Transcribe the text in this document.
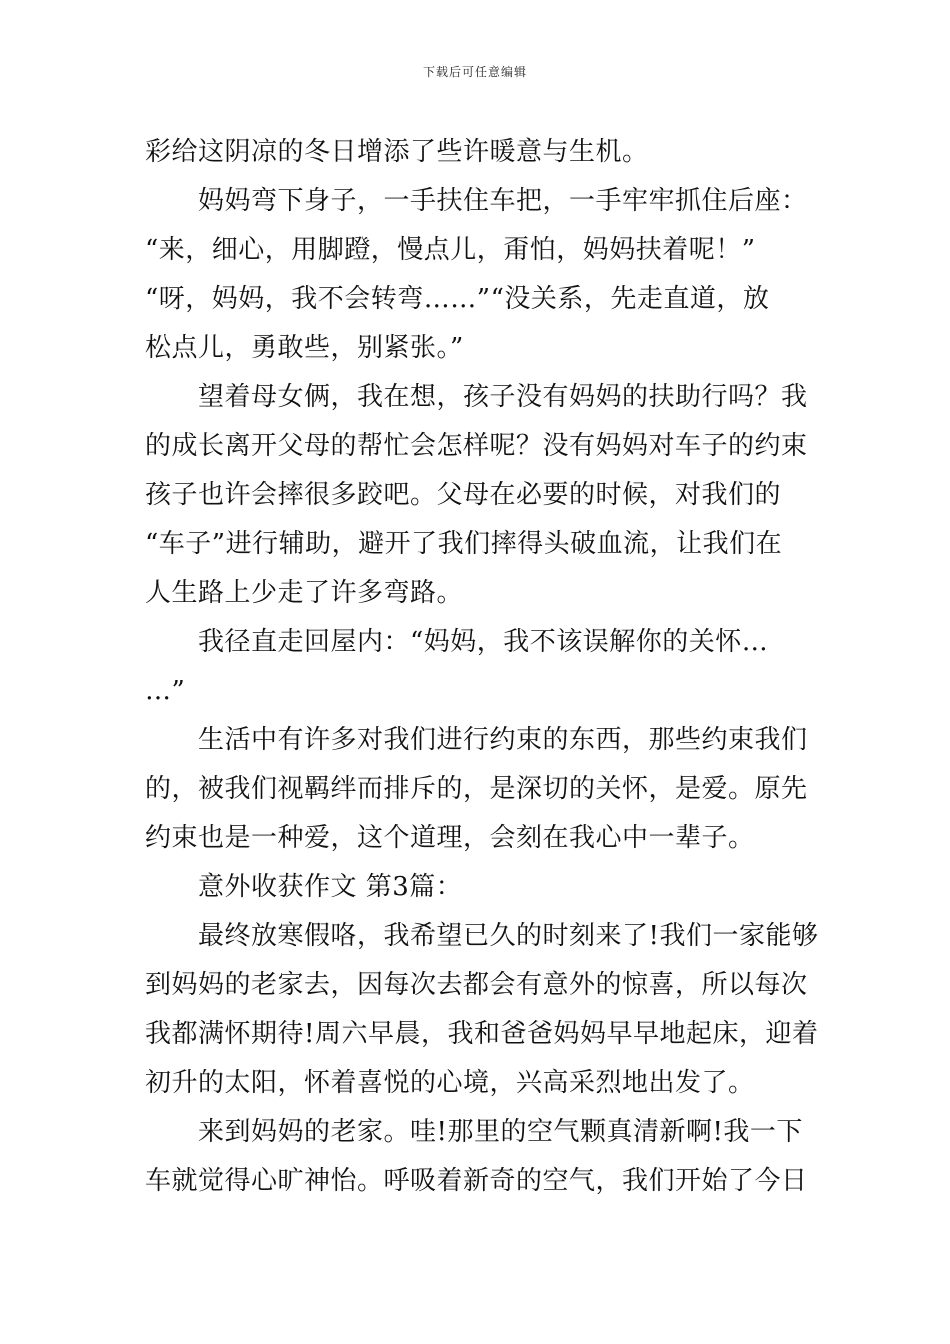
下载后可任意编辑
彩给这阴凉的冬日增添了些许暖意与生机。
　　妈妈弯下身子，一手扶住车把，一手牢牢抓住后座：
“来，细心，用脚蹬，慢点儿，甭怕，妈妈扶着呢！”
“呀，妈妈，我不会转弯……”“没关系，先走直道，放
松点儿，勇敢些，别紧张。”
　　望着母女俩，我在想，孩子没有妈妈的扶助行吗？我
的成长离开父母的帮忙会怎样呢？没有妈妈对车子的约束
孩子也许会摔很多跤吧。父母在必要的时候，对我们的
“车子”进行辅助，避开了我们摔得头破血流，让我们在
人生路上少走了许多弯路。
　　我径直走回屋内：“妈妈，我不该误解你的关怀…
…”
　　生活中有许多对我们进行约束的东西，那些约束我们
的，被我们视羁绊而排斥的，是深切的关怀，是爱。原先
约束也是一种爱，这个道理，会刻在我心中一辈子。
　　意外收获作文 第3篇：
　　最终放寒假咯，我希望已久的时刻来了!我们一家能够
到妈妈的老家去，因每次去都会有意外的惊喜，所以每次
我都满怀期待!周六早晨，我和爸爸妈妈早早地起床，迎着
初升的太阳，怀着喜悦的心境，兴高采烈地出发了。
　　来到妈妈的老家。哇!那里的空气颗真清新啊!我一下
车就觉得心旷神怡。呼吸着新奇的空气，我们开始了今日
